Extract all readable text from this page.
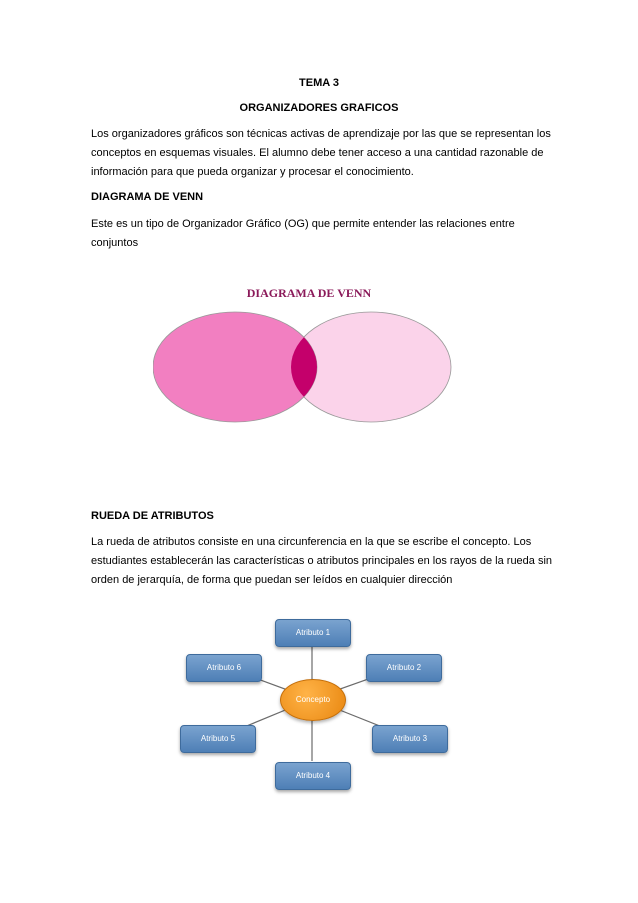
TEMA 3
ORGANIZADORES GRAFICOS
Los organizadores gráficos son técnicas activas de aprendizaje por las que se representan los
conceptos en esquemas visuales. El alumno debe tener acceso a una cantidad razonable de
información para que pueda organizar y procesar el conocimiento.
DIAGRAMA DE VENN
Este es un tipo de Organizador Gráfico (OG) que permite entender las relaciones entre
conjuntos
DIAGRAMA DE VENN
RUEDA DE ATRIBUTOS
La rueda de atributos consiste en una circunferencia en la que se escribe el concepto. Los
estudiantes establecerán las características o atributos principales en los rayos de la rueda sin
orden de jerarquía, de forma que puedan ser leídos en cualquier dirección
Atributo 1
Atributo 2
Atributo 3
Atributo 4
Atributo 5
Atributo 6
Concepto
